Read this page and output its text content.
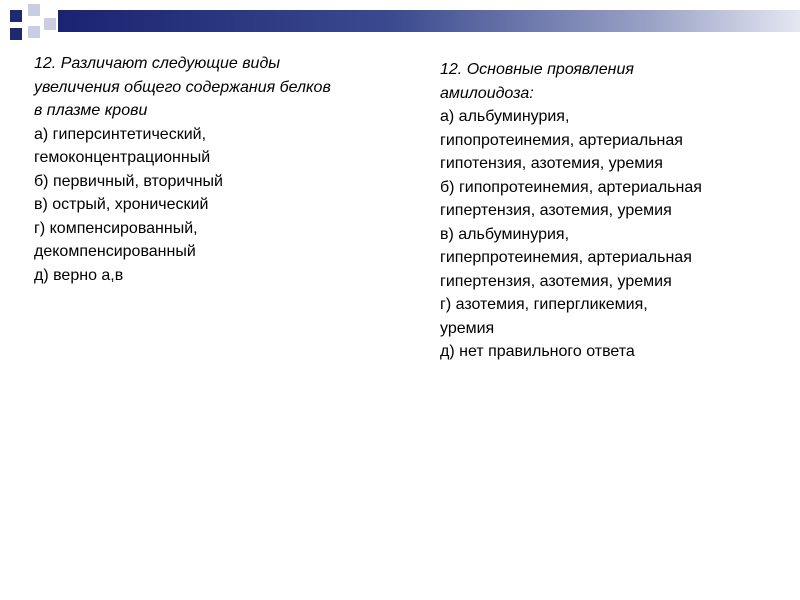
12. Различают следующие виды
увеличения общего содержания белков
в плазме крови
а) гиперсинтетический,
гемоконцентрационный
б) первичный, вторичный
в) острый, хронический
г) компенсированный,
декомпенсированный
д) верно а,в
12. Основные проявления
амилоидоза:
а) альбуминурия,
гипопротеинемия, артериальная
гипотензия, азотемия, уремия
б) гипопротеинемия, артериальная
гипертензия, азотемия, уремия
в) альбуминурия,
гиперпротеинемия, артериальная
гипертензия, азотемия, уремия
г) азотемия, гипергликемия,
уремия
д) нет правильного ответа
